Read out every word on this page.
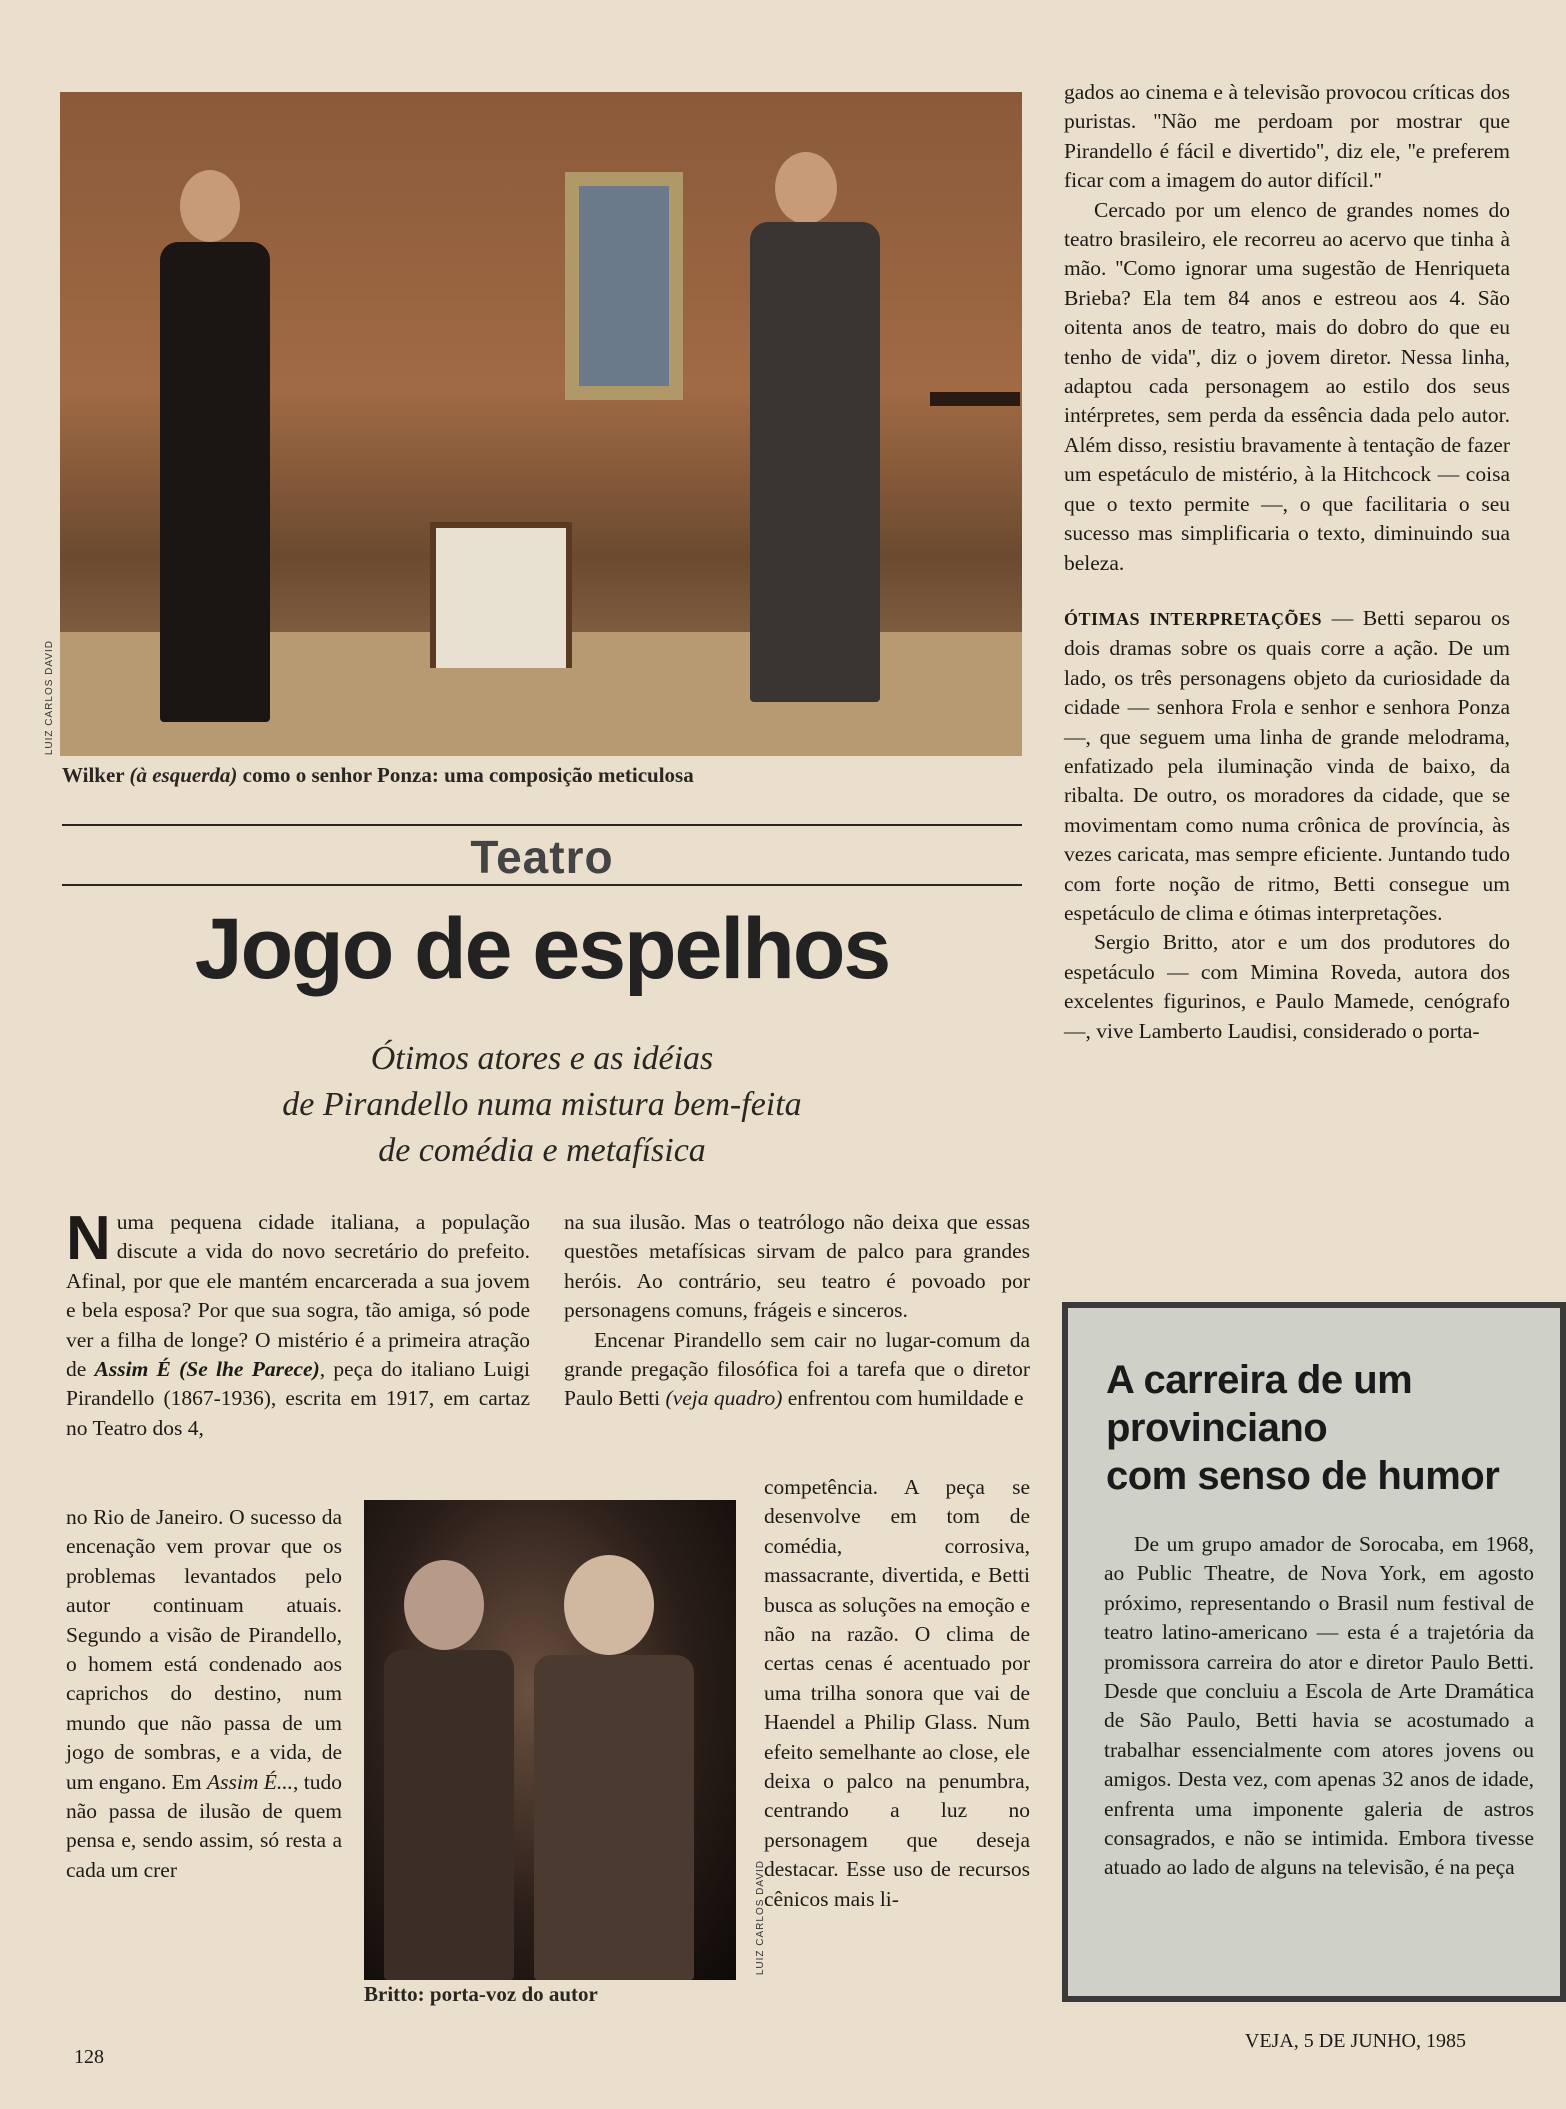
LUIZ CARLOS DAVID
Wilker (à esquerda) como o senhor Ponza: uma composição meticulosa
Teatro
Jogo de espelhos
Ótimos atores e as idéias
de Pirandello numa mistura bem-feita
de comédia e metafísica

Numa pequena cidade italiana, a população discute a vida do novo secretário do prefeito. Afinal, por que ele mantém encarcerada a sua jovem e bela esposa? Por que sua sogra, tão amiga, só pode ver a filha de longe? O mistério é a primeira atração de Assim É (Se lhe Parece), peça do italiano Luigi Pirandello (1867-1936), escrita em 1917, em cartaz no Teatro dos 4,

no Rio de Janeiro. O sucesso da encenação vem provar que os problemas levantados pelo autor continuam atuais. Segundo a visão de Pirandello, o homem está condenado aos caprichos do destino, num mundo que não passa de um jogo de sombras, e a vida, de um engano. Em Assim É..., tudo não passa de ilusão de quem pensa e, sendo assim, só resta a cada um crer	LUIZ CARLOS DAVID
Britto: porta-voz do autor

na sua ilusão. Mas o teatrólogo não deixa que essas questões metafísicas sirvam de palco para grandes heróis. Ao contrário, seu teatro é povoado por personagens comuns, frágeis e sinceros.

Encenar Pirandello sem cair no lugar-comum da grande pregação filosófica foi a tarefa que o diretor Paulo Betti (veja quadro) enfrentou com humildade e

competência. A peça se desenvolve em tom de comédia, corrosiva, massacrante, divertida, e Betti busca as soluções na emoção e não na razão. O clima de certas cenas é acentuado por uma trilha sonora que vai de Haendel a Philip Glass. Num efeito semelhante ao close, ele deixa o palco na penumbra, centrando a luz no personagem que deseja destacar. Esse uso de recursos cênicos mais li-

gados ao cinema e à televisão provocou críticas dos puristas. ''Não me perdoam por mostrar que Pirandello é fácil e divertido'', diz ele, ''e preferem ficar com a imagem do autor difícil.''

Cercado por um elenco de grandes nomes do teatro brasileiro, ele recorreu ao acervo que tinha à mão. ''Como ignorar uma sugestão de Henriqueta Brieba? Ela tem 84 anos e estreou aos 4. São oitenta anos de teatro, mais do dobro do que eu tenho de vida'', diz o jovem diretor. Nessa linha, adaptou cada personagem ao estilo dos seus intérpretes, sem perda da essência dada pelo autor. Além disso, resistiu bravamente à tentação de fazer um espetáculo de mistério, à la Hitchcock — coisa que o texto permite —, o que facilitaria o seu sucesso mas simplificaria o texto, diminuindo sua beleza.

ÓTIMAS INTERPRETAÇÕES — Betti separou os dois dramas sobre os quais corre a ação. De um lado, os três personagens objeto da curiosidade da cidade — senhora Frola e senhor e senhora Ponza —, que seguem uma linha de grande melodrama, enfatizado pela iluminação vinda de baixo, da ribalta. De outro, os moradores da cidade, que se movimentam como numa crônica de província, às vezes caricata, mas sempre eficiente. Juntando tudo com forte noção de ritmo, Betti consegue um espetáculo de clima e ótimas interpretações.

Sergio Britto, ator e um dos produtores do espetáculo — com Mimina Roveda, autora dos excelentes figurinos, e Paulo Mamede, cenógrafo —, vive Lamberto Laudisi, considerado o porta-

A carreira de um
provinciano
com senso de humor

De um grupo amador de Sorocaba, em 1968, ao Public Theatre, de Nova York, em agosto próximo, representando o Brasil num festival de teatro latino-americano — esta é a trajetória da promissora carreira do ator e diretor Paulo Betti. Desde que concluiu a Escola de Arte Dramática de São Paulo, Betti havia se acostumado a trabalhar essencialmente com atores jovens ou amigos. Desta vez, com apenas 32 anos de idade, enfrenta uma imponente galeria de astros consagrados, e não se intimida. Embora tivesse atuado ao lado de alguns na televisão, é na peça

128
VEJA, 5 DE JUNHO, 1985
